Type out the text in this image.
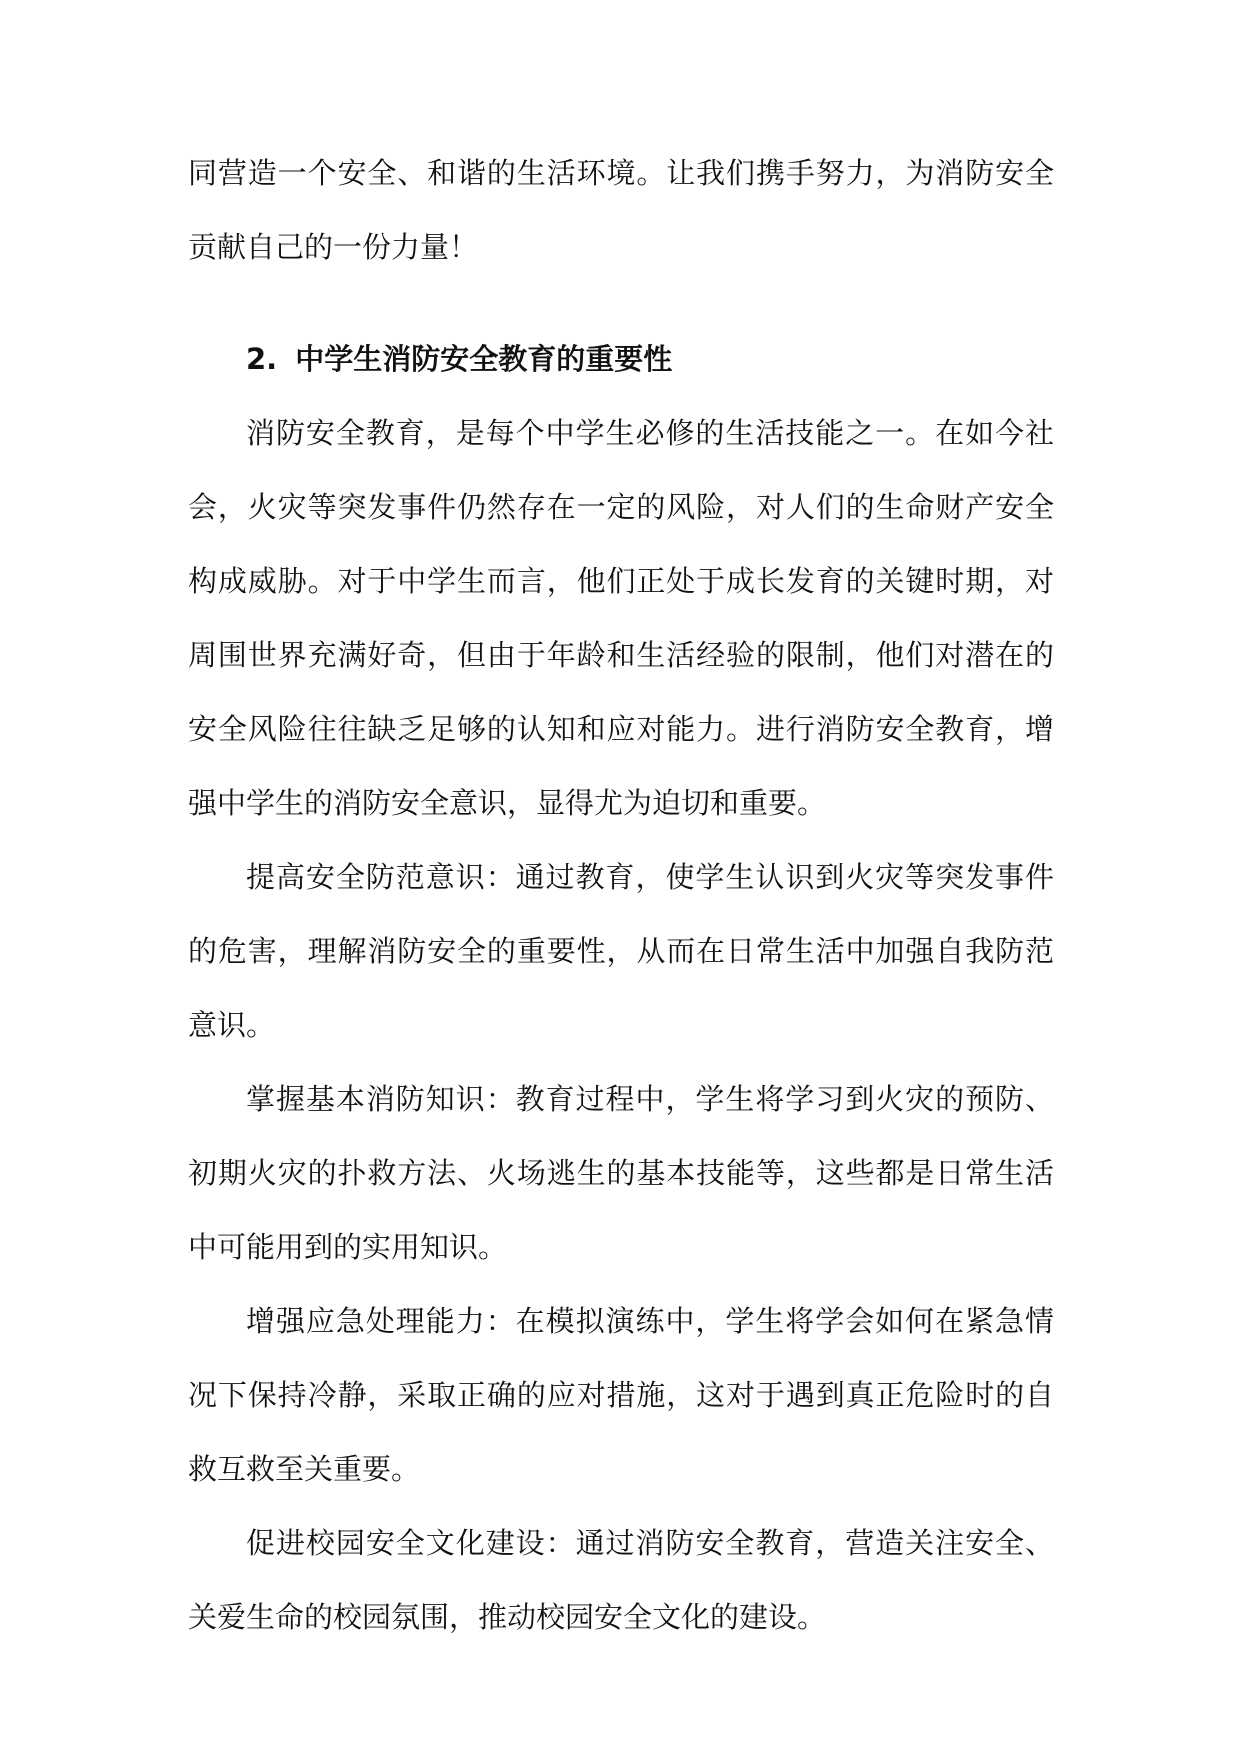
同营造一个安全、和谐的生活环境。让我们携手努力，为消防安全贡献自己的一份力量！

2. 中学生消防安全教育的重要性

消防安全教育，是每个中学生必修的生活技能之一。在如今社会，火灾等突发事件仍然存在一定的风险，对人们的生命财产安全构成威胁。对于中学生而言，他们正处于成长发育的关键时期，对周围世界充满好奇，但由于年龄和生活经验的限制，他们对潜在的安全风险往往缺乏足够的认知和应对能力。进行消防安全教育，增强中学生的消防安全意识，显得尤为迫切和重要。

提高安全防范意识：通过教育，使学生认识到火灾等突发事件的危害，理解消防安全的重要性，从而在日常生活中加强自我防范意识。

掌握基本消防知识：教育过程中，学生将学习到火灾的预防、初期火灾的扑救方法、火场逃生的基本技能等，这些都是日常生活中可能用到的实用知识。

增强应急处理能力：在模拟演练中，学生将学会如何在紧急情况下保持冷静，采取正确的应对措施，这对于遇到真正危险时的自救互救至关重要。

促进校园安全文化建设：通过消防安全教育，营造关注安全、关爱生命的校园氛围，推动校园安全文化的建设。
